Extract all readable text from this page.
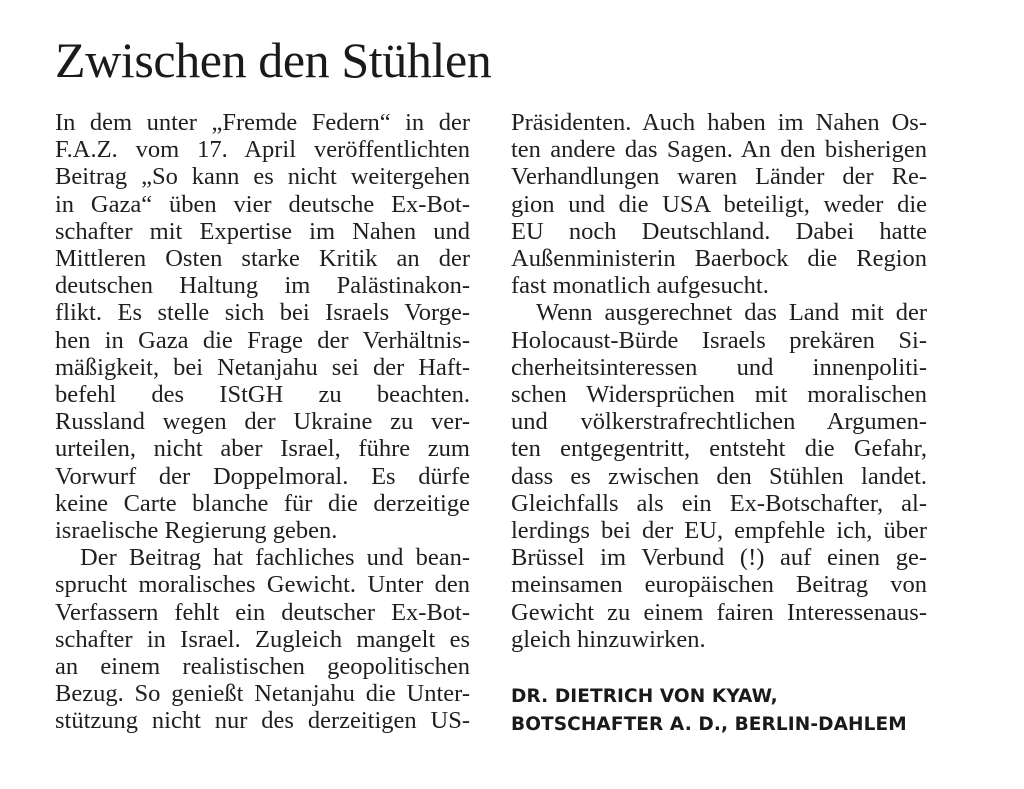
Zwischen den Stühlen
In dem unter „Fremde Federn“ in der
F.A.Z. vom 17. April veröffentlichten
Beitrag „So kann es nicht weitergehen
in Gaza“ üben vier deutsche Ex-Bot-
schafter mit Expertise im Nahen und
Mittleren Osten starke Kritik an der
deutschen Haltung im Palästinakon-
flikt. Es stelle sich bei Israels Vorge-
hen in Gaza die Frage der Verhältnis-
mäßigkeit, bei Netanjahu sei der Haft-
befehl des IStGH zu beachten.
Russland wegen der Ukraine zu ver-
urteilen, nicht aber Israel, führe zum
Vorwurf der Doppelmoral. Es dürfe
keine Carte blanche für die derzeitige
israelische Regierung geben.
Der Beitrag hat fachliches und bean-
sprucht moralisches Gewicht. Unter den
Verfassern fehlt ein deutscher Ex-Bot-
schafter in Israel. Zugleich mangelt es
an einem realistischen geopolitischen
Bezug. So genießt Netanjahu die Unter-
stützung nicht nur des derzeitigen US-
Präsidenten. Auch haben im Nahen Os-
ten andere das Sagen. An den bisherigen
Verhandlungen waren Länder der Re-
gion und die USA beteiligt, weder die
EU noch Deutschland. Dabei hatte
Außenministerin Baerbock die Region
fast monatlich aufgesucht.
Wenn ausgerechnet das Land mit der
Holocaust-Bürde Israels prekären Si-
cherheitsinteressen und innenpoliti-
schen Widersprüchen mit moralischen
und völkerstrafrechtlichen Argumen-
ten entgegentritt, entsteht die Gefahr,
dass es zwischen den Stühlen landet.
Gleichfalls als ein Ex-Botschafter, al-
lerdings bei der EU, empfehle ich, über
Brüssel im Verbund (!) auf einen ge-
meinsamen europäischen Beitrag von
Gewicht zu einem fairen Interessenaus-
gleich hinzuwirken.
DR. DIETRICH VON KYAW,
BOTSCHAFTER A. D., BERLIN-DAHLEM
